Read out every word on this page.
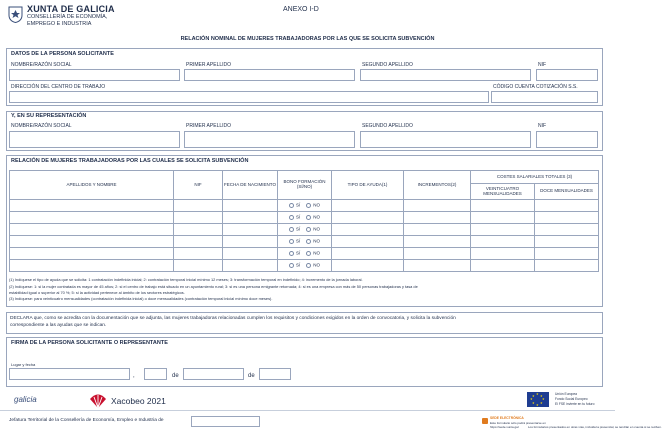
XUNTA DE GALICIA
CONSELLERÍA DE ECONOMÍA,
EMPREGO E INDUSTRIA
ANEXO I-D
RELACIÓN NOMINAL DE MUJERES TRABAJADORAS POR LAS QUE SE SOLICITA SUBVENCIÓN
DATOS DE LA PERSONA SOLICITANTE
NOMBRE/RAZÓN SOCIAL	PRIMER APELLIDO	SEGUNDO APELLIDO	NIF
DIRECCIÓN DEL CENTRO DE TRABAJO	CÓDIGO CUENTA COTIZACIÓN S.S.
Y, EN SU REPRESENTACIÓN
NOMBRE/RAZÓN SOCIAL	PRIMER APELLIDO	SEGUNDO APELLIDO	NIF
RELACIÓN DE MUJERES TRABAJADORAS POR LAS CUALES SE SOLICITA SUBVENCIÓN
APELLIDOS Y NOMBRE	NIF	FECHA DE NACIMIENTO	BONO FORMACIÓN (SÍ/NO)	TIPO DE AYUDA(1)	INCREMENTOS(2)	COSTES SALARIALES TOTALES (3)	
						VEINTICUATRO MENSUALIDADES	DOCE MENSUALIDADES
			SÍ NO				
			SÍ NO				
			SÍ NO				
			SÍ NO				
			SÍ NO				
			SÍ NO				
(1) Indíquese el tipo de ayuda que se solicita: 1 contratación indefinida inicial; 2: contratación temporal inicial mínimo 12 meses; 3: transformación temporal en indefinido; 4: incremento de la jornada laboral.
(2) Indíquese: 1: si la mujer contratada es mayor de 45 años; 2: si el centro de trabajo está situado en un ayuntamiento rural; 3: si es una persona emigrante retornada; 4: si es una empresa con más de 50 personas trabajadoras y tasa de
estabilidad igual o superior al 70 %; 5: si la actividad pertenece al ámbito de los sectores estratégicos.
(3) Indíquese: para veinticuatro mensualidades (contratación indefinida inicial) o doce mensualidades (contratación temporal inicial mínimo doce meses).
DECLARA que, como se acredita con la documentación que se adjunta, las mujeres trabajadoras relacionadas cumplen los requisitos y condiciones exigidos en la orden de convocatoria, y solicita la subvención
correspondiente a las ayudas que se indican.
FIRMA DE LA PERSONA SOLICITANTE O REPRESENTANTE
Lugar y fecha
,	de	de
galicia	Xacobeo 2021
★ ★
★
★
★
★
★
★	Unión Europea
Fondo Social Europeo
El FSE invierte en tu futuro
Jefatura Territorial de la Consellería de Economía, Empleo e Industria de	SEDE ELECTRÓNICA
Este formulario sólo podrá presentarse en
https://sede.xunta.gal	Los formularios presentados en otras vías, incluida la presencial, se tendrán en cuenta si se reciben.
